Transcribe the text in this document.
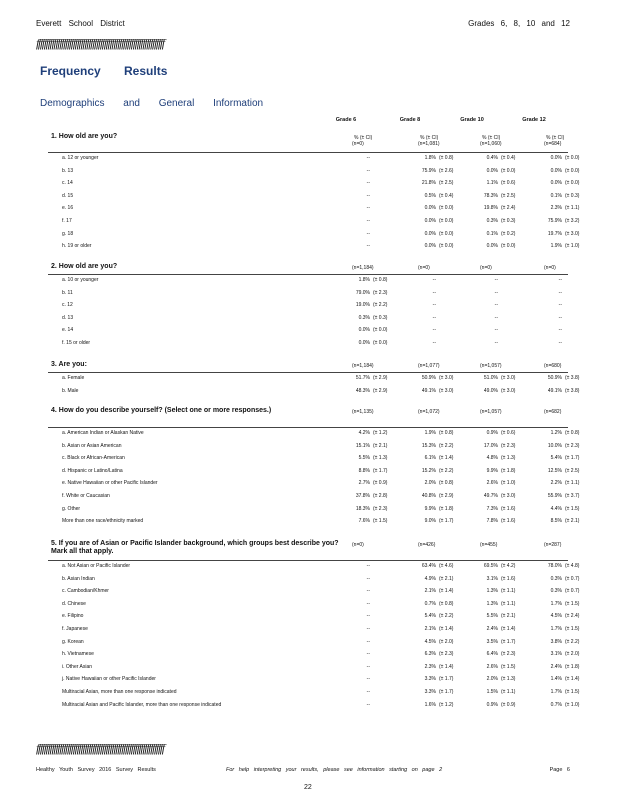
Everett School District	Grades 6, 8, 10 and 12
ffffffffffffffffffffffffffffffffffffffffffffffffffffffffffffffffff
Frequency Results
Demographics and General Information
Grade 6	Grade 8	Grade 10	Grade 12
1. How old are you?	% (± CI)	% (± CI)	% (± CI)	% (± CI)
(n=0)	(n=1,081)	(n=1,060)	(n=684)
a. 12 or younger	--	1.8% (± 0.8)	0.4% (± 0.4)	0.0% (± 0.0)
b. 13	--	75.9% (± 2.6)	0.0% (± 0.0)	0.0% (± 0.0)
c. 14	--	21.8% (± 2.5)	1.1% (± 0.6)	0.0% (± 0.0)
d. 15	--	0.5% (± 0.4)	78.3% (± 2.5)	0.1% (± 0.3)
e. 16	--	0.0% (± 0.0)	19.8% (± 2.4)	2.3% (± 1.1)
f. 17	--	0.0% (± 0.0)	0.3% (± 0.3)	75.9% (± 3.2)
g. 18	--	0.0% (± 0.0)	0.1% (± 0.2)	19.7% (± 3.0)
h. 19 or older	--	0.0% (± 0.0)	0.0% (± 0.0)	1.9% (± 1.0)
2. How old are you?	(n=1,184)	(n=0)	(n=0)	(n=0)
a. 10 or younger	1.8% (± 0.8)	--	--	--
b. 11	79.0% (± 2.3)	--	--	--
c. 12	19.0% (± 2.2)	--	--	--
d. 13	0.3% (± 0.3)	--	--	--
e. 14	0.0% (± 0.0)	--	--	--
f. 15 or older	0.0% (± 0.0)	--	--	--
3. Are you:	(n=1,184)	(n=1,077)	(n=1,057)	(n=680)
a. Female	51.7% (± 2.9)	50.9% (± 3.0)	51.0% (± 3.0)	50.9% (± 3.8)
b. Male	48.3% (± 2.9)	49.1% (± 3.0)	49.0% (± 3.0)	49.1% (± 3.8)
4. How do you describe yourself? (Select one or more responses.)	(n=1,135)	(n=1,072)	(n=1,057)	(n=682)
a. American Indian or Alaskan Native	4.2% (± 1.2)	1.9% (± 0.8)	0.9% (± 0.6)	1.2% (± 0.8)
b. Asian or Asian American	15.1% (± 2.1)	15.3% (± 2.2)	17.0% (± 2.3)	10.0% (± 2.3)
c. Black or African-American	5.5% (± 1.3)	6.1% (± 1.4)	4.8% (± 1.3)	5.4% (± 1.7)
d. Hispanic or Latino/Latina	8.8% (± 1.7)	15.2% (± 2.2)	9.9% (± 1.8)	12.5% (± 2.5)
e. Native Hawaiian or other Pacific Islander	2.7% (± 0.9)	2.0% (± 0.8)	2.6% (± 1.0)	2.2% (± 1.1)
f. White or Caucasian	37.8% (± 2.8)	40.8% (± 2.9)	49.7% (± 3.0)	55.9% (± 3.7)
g. Other	18.3% (± 2.3)	9.9% (± 1.8)	7.3% (± 1.6)	4.4% (± 1.5)
More than one race/ethnicity marked	7.6% (± 1.5)	9.0% (± 1.7)	7.8% (± 1.6)	8.5% (± 2.1)
5. If you are of Asian or Pacific Islander background, which groups best describe you? Mark all that apply.
(n=0)	(n=426)	(n=455)	(n=287)
a. Not Asian or Pacific Islander	--	63.4% (± 4.6)	69.5% (± 4.2)	78.0% (± 4.8)
b. Asian Indian	--	4.9% (± 2.1)	3.1% (± 1.6)	0.3% (± 0.7)
c. Cambodian/Khmer	--	2.1% (± 1.4)	1.3% (± 1.1)	0.3% (± 0.7)
d. Chinese	--	0.7% (± 0.8)	1.3% (± 1.1)	1.7% (± 1.5)
e. Filipino	--	5.4% (± 2.2)	5.5% (± 2.1)	4.5% (± 2.4)
f. Japanese	--	2.1% (± 1.4)	2.4% (± 1.4)	1.7% (± 1.5)
g. Korean	--	4.5% (± 2.0)	3.5% (± 1.7)	3.8% (± 2.2)
h. Vietnamese	--	6.3% (± 2.3)	6.4% (± 2.3)	3.1% (± 2.0)
i. Other Asian	--	2.3% (± 1.4)	2.6% (± 1.5)	2.4% (± 1.8)
j. Native Hawaiian or other Pacific Islander	--	3.3% (± 1.7)	2.0% (± 1.3)	1.4% (± 1.4)
Multiracial Asian, more than one response indicated	--	3.3% (± 1.7)	1.5% (± 1.1)	1.7% (± 1.5)
Multiracial Asian and Pacific Islander, more than one response indicated	--	1.6% (± 1.2)	0.9% (± 0.9)	0.7% (± 1.0)
ffffffffffffffffffffffffffffffffffffffffffffffffffffffffffffffffff
Healthy Youth Survey 2016 Survey Results	For help interpreting your results, please see information starting on page 2	Page 6
22
